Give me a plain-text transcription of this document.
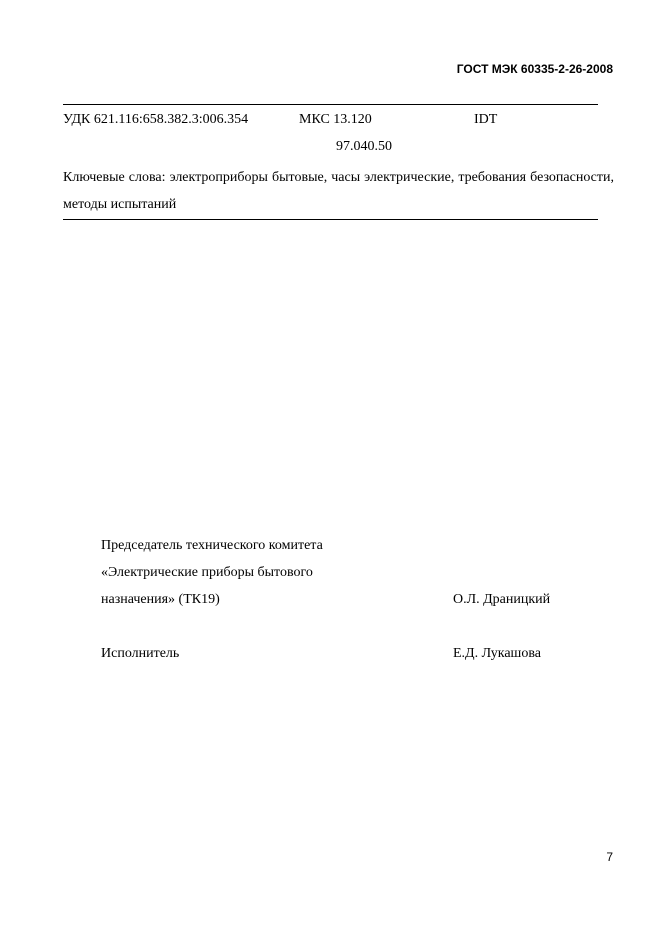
ГОСТ МЭК 60335-2-26-2008
УДК 621.116:658.382.3:006.354	МКС 13.120	IDT
97.040.50
Ключевые слова: электроприборы бытовые, часы электрические, требования безопасности, методы испытаний
Председатель технического комитета
«Электрические приборы бытового
назначения» (ТК19)	О.Л. Драницкий
Исполнитель	Е.Д. Лукашова
7
